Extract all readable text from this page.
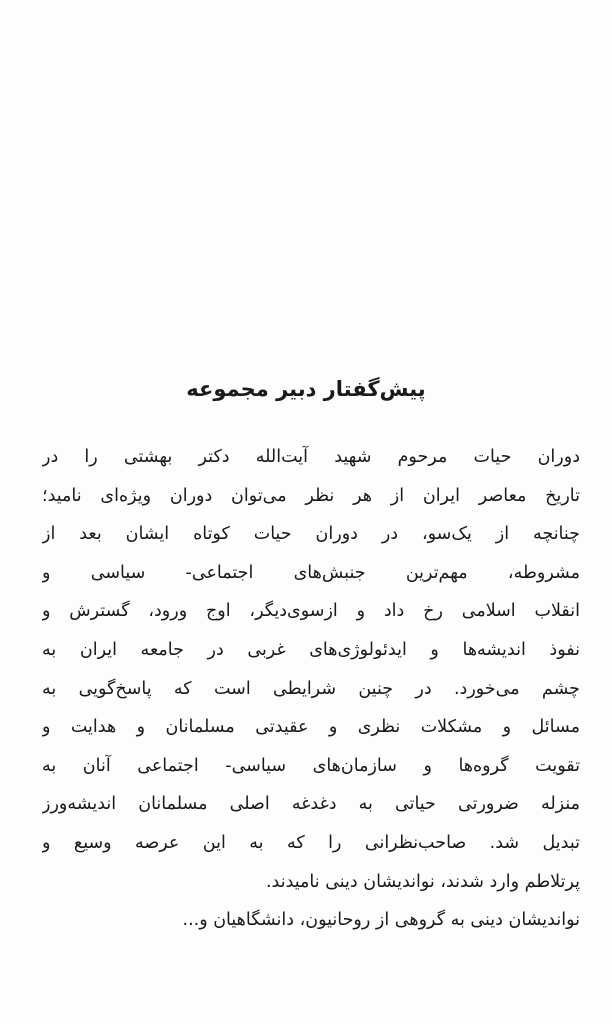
پیش‌گفتار دبیر مجموعه
دوران حیات مرحوم شهید آیت‌الله دکتر بهشتی را در
تاریخ معاصر ایران از هر نظر می‌توان دوران ویژه‌ای نامید؛
چنانچه از یک‌سو، در دوران حیات کوتاه ایشان بعد از
مشروطه، مهم‌ترین جنبش‌های اجتماعی- سیاسی و
انقلاب اسلامی رخ داد و ازسوی‌دیگر، اوج ورود، گسترش و
نفوذ اندیشه‌ها و ایدئولوژی‌های غربی در جامعه ایران به
چشم می‌خورد. در چنین شرایطی است که پاسخ‌گویی به
مسائل و مشکلات نظری و عقیدتی مسلمانان و هدایت و
تقویت گروه‌ها و سازمان‌های سیاسی- اجتماعی آنان به
منزله ضرورتی حیاتی به دغدغه اصلی مسلمانان اندیشه‌ورز
تبدیل شد. صاحب‌نظرانی را که به این عرصه وسیع و
پرتلاطم وارد شدند، نواندیشان دینی نامیدند.
نواندیشان دینی به گروهی از روحانیون، دانشگاهیان و...
